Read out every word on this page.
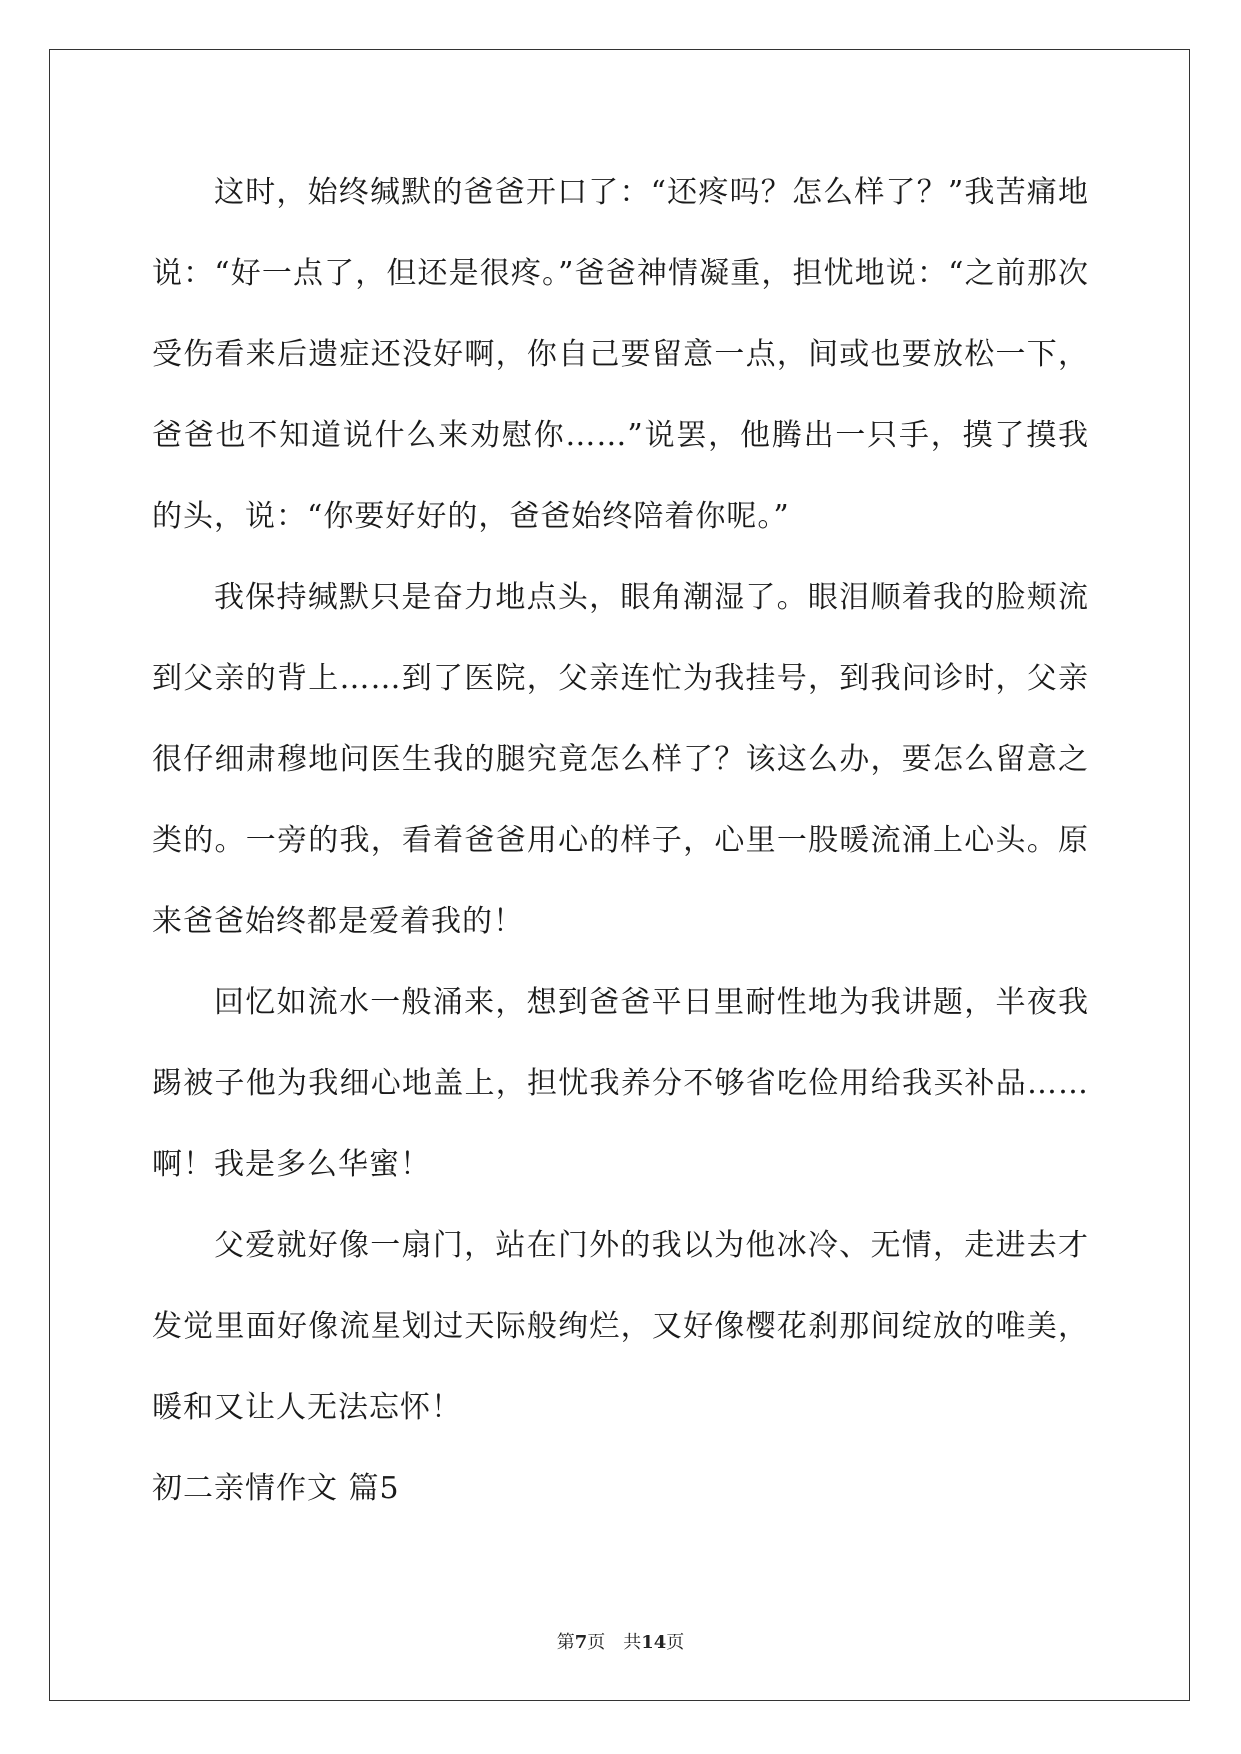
这时，始终缄默的爸爸开口了：“还疼吗？怎么样了？”我苦痛地说：“好一点了，但还是很疼。”爸爸神情凝重，担忧地说：“之前那次受伤看来后遗症还没好啊，你自己要留意一点，间或也要放松一下，爸爸也不知道说什么来劝慰你……”说罢，他腾出一只手，摸了摸我的头，说：“你要好好的，爸爸始终陪着你呢。”

我保持缄默只是奋力地点头，眼角潮湿了。眼泪顺着我的脸颊流到父亲的背上……到了医院，父亲连忙为我挂号，到我问诊时，父亲很仔细肃穆地问医生我的腿究竟怎么样了？该这么办，要怎么留意之类的。一旁的我，看着爸爸用心的样子，心里一股暖流涌上心头。原来爸爸始终都是爱着我的！

回忆如流水一般涌来，想到爸爸平日里耐性地为我讲题，半夜我踢被子他为我细心地盖上，担忧我养分不够省吃俭用给我买补品……啊！我是多么华蜜！

父爱就好像一扇门，站在门外的我以为他冰冷、无情，走进去才发觉里面好像流星划过天际般绚烂，又好像樱花刹那间绽放的唯美，暖和又让人无法忘怀！

初二亲情作文 篇5

第7页 共14页
